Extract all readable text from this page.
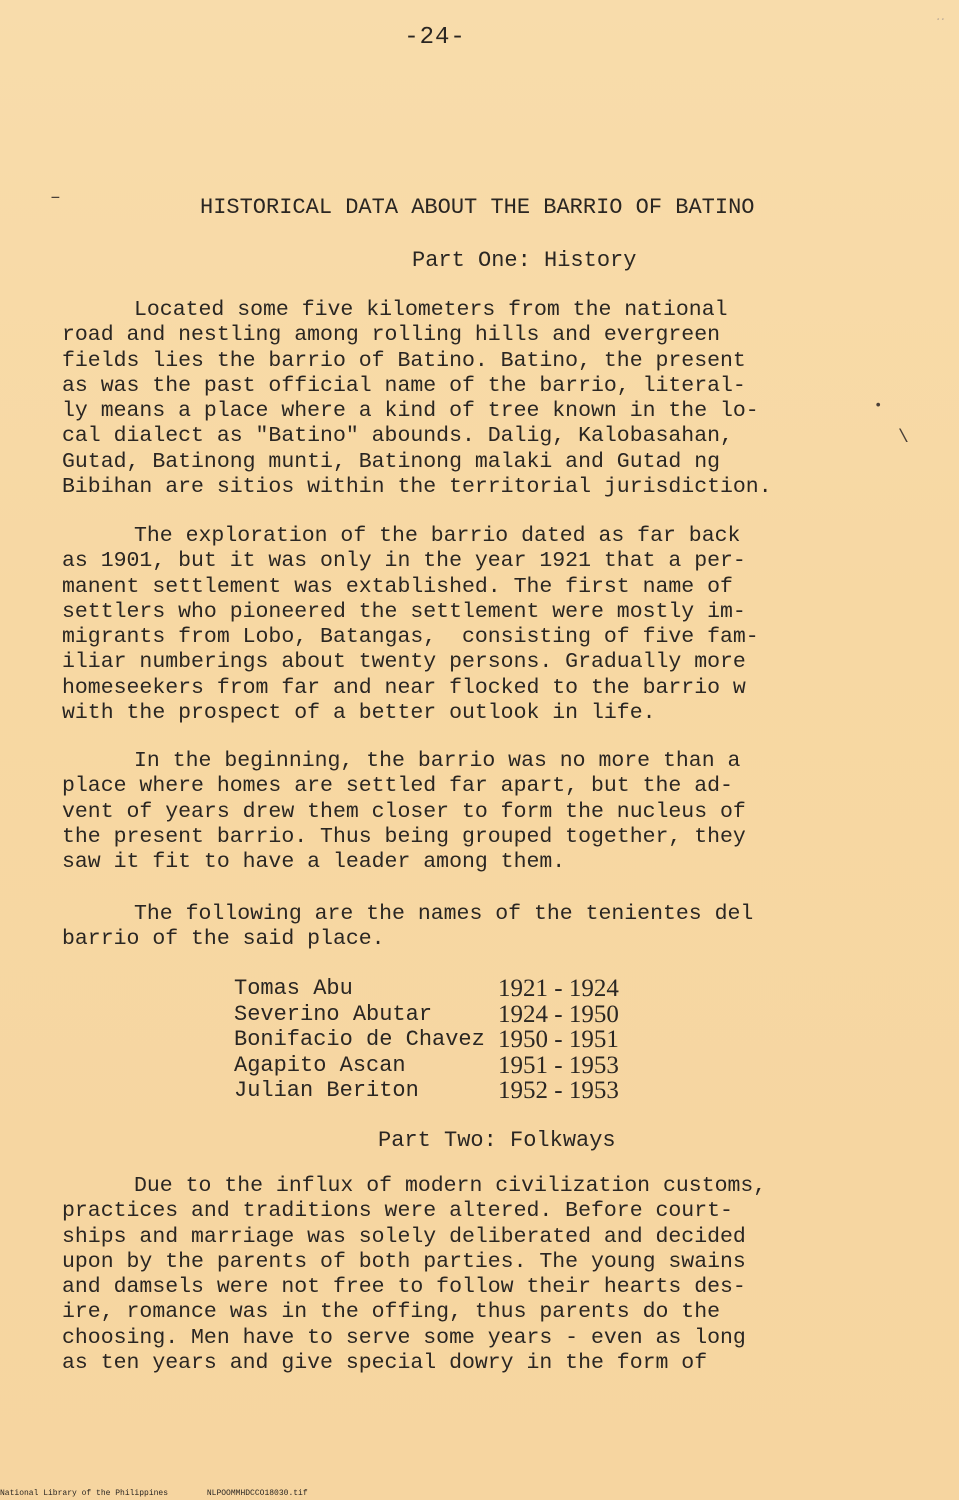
-24-
․․
–
•
\
HISTORICAL DATA ABOUT THE BARRIO OF BATINO
Part One: History
Located some five kilometers from the national
road and nestling among rolling hills and evergreen
fields lies the barrio of Batino. Batino, the present
as was the past official name of the barrio, literal-
ly means a place where a kind of tree known in the lo-
cal dialect as "Batino" abounds. Dalig, Kalobasahan,
Gutad, Batinong munti, Batinong malaki and Gutad ng
Bibihan are sitios within the territorial jurisdiction.
The exploration of the barrio dated as far back
as 1901, but it was only in the year 1921 that a per-
manent settlement was extablished. The first name of
settlers who pioneered the settlement were mostly im-
migrants from Lobo, Batangas,  consisting of five fam-
iliar numberings about twenty persons. Gradually more
homeseekers from far and near flocked to the barrio w
with the prospect of a better outlook in life.
In the beginning, the barrio was no more than a
place where homes are settled far apart, but the ad-
vent of years drew them closer to form the nucleus of
the present barrio. Thus being grouped together, they
saw it fit to have a leader among them.
The following are the names of the tenientes del
barrio of the said place.
Tomas Abu	1921 - 1924
Severino Abutar	1924 - 1950
Bonifacio de Chavez 1950 - 1951
Agapito Ascan	1951 - 1953
Julian Beriton	1952 - 1953
Part Two: Folkways
Due to the influx of modern civilization customs,
practices and traditions were altered. Before court-
ships and marriage was solely deliberated and decided
upon by the parents of both parties. The young swains
and damsels were not free to follow their hearts des-
ire, romance was in the offing, thus parents do the
choosing. Men have to serve some years - even as long
as ten years and give special dowry in the form of
National Library of the Philippines	NLPOOMMHDCCO18030.tif
